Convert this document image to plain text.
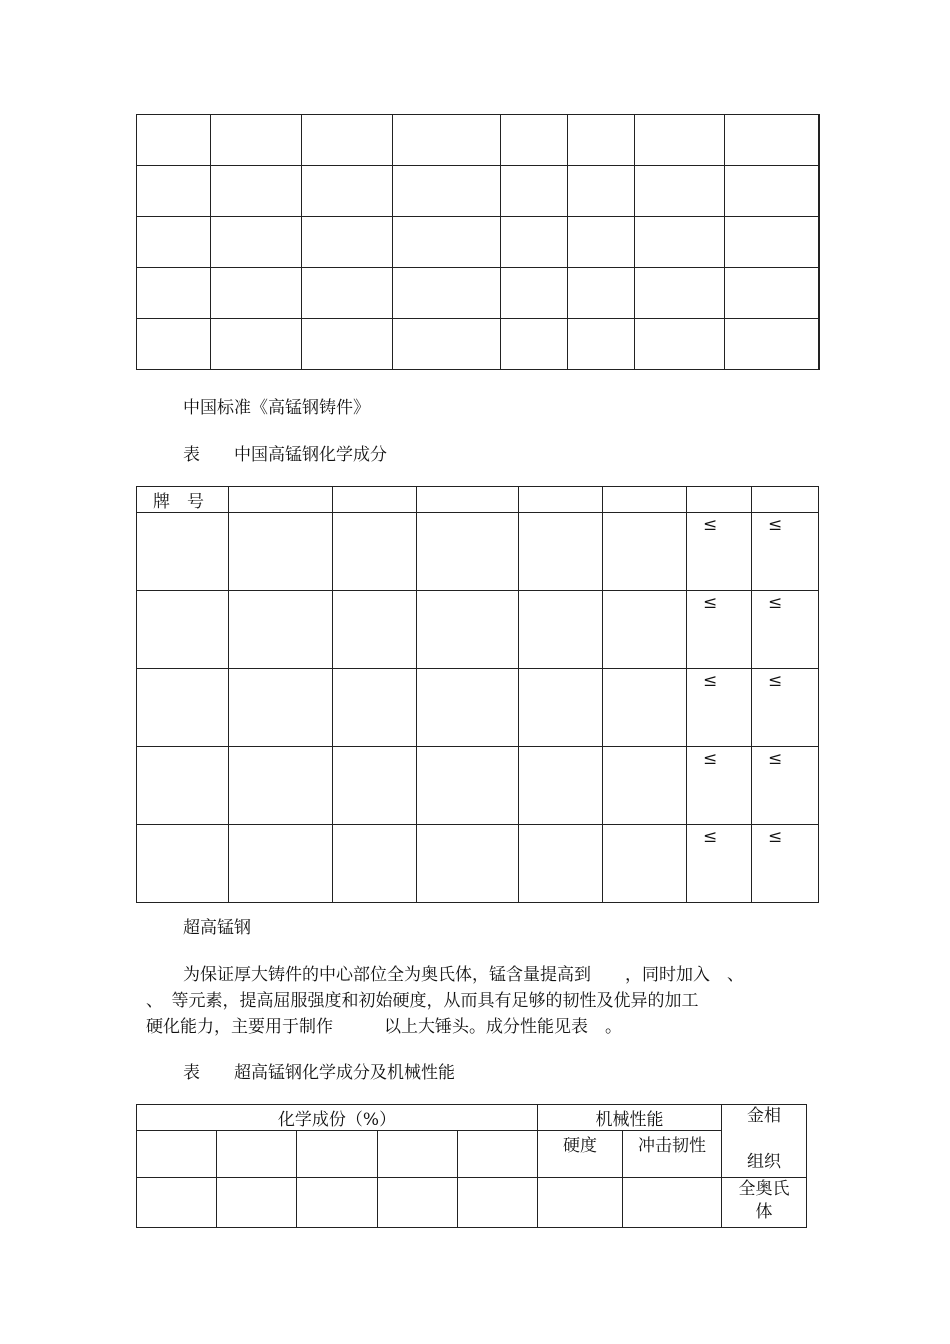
中国标准《高锰钢铸件》
表　　中国高锰钢化学成分
牌　号							
						≤	≤
						≤	≤
						≤	≤
						≤	≤
						≤	≤
超高锰钢
为保证厚大铸件的中心部位全为奥氏体，锰含量提高到　　，同时加入　、
、　等元素，提高屈服强度和初始硬度，从而具有足够的韧性及优异的加工
硬化能力，主要用于制作　　　以上大锤头。成分性能见表　。
表　　超高锰钢化学成分及机械性能
化学成份（%）					机械性能		金相
组织

					硬度	冲击韧性	

							全奥氏
体
